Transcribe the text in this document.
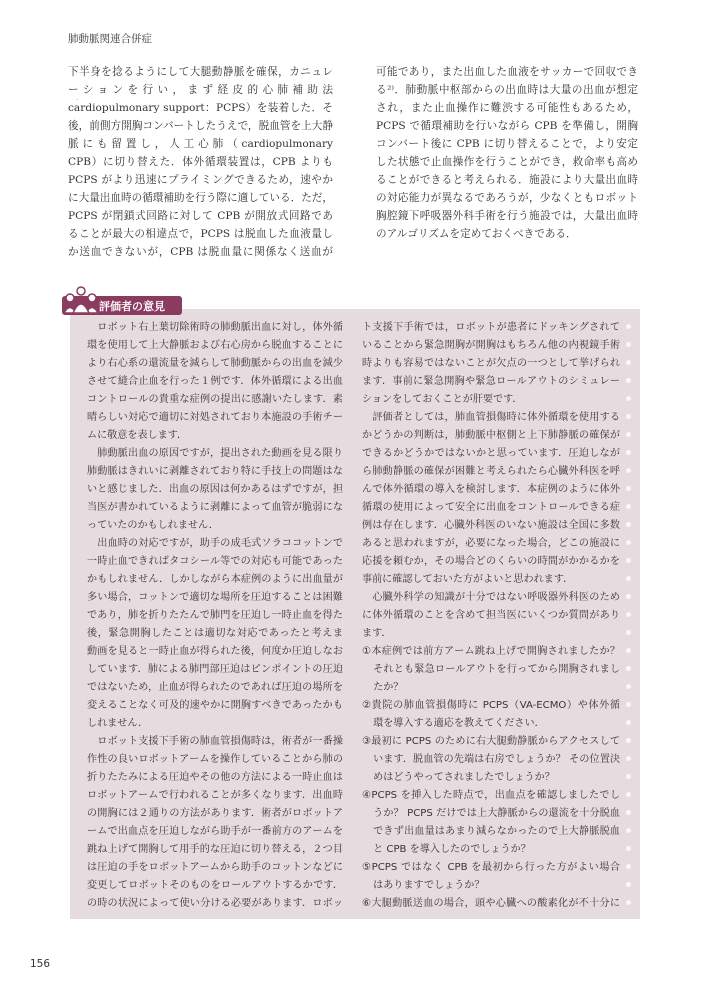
肺動脈関連合併症
下半身を捻るようにして大腿動静脈を確保，カニュレ
ーションを行い，まず経皮的心肺補助法
cardiopulmonary support：PCPS）を装着した．そ
後，前側方開胸コンバートしたうえで，脱血管を上大静
脈にも留置し，人工心肺（cardiopulmonary
CPB）に切り替えた．体外循環装置は，CPB よりも
PCPS がより迅速にプライミングできるため，速やか
に大量出血時の循環補助を行う際に適している．ただ，
PCPS が閉鎖式回路に対して CPB が開放式回路であ
ることが最大の相違点で，PCPS は脱血した血液量し
か送血できないが，CPB は脱血量に関係なく送血が
可能であり，また出血した血液をサッカーで回収でき
る²⁾．肺動脈中枢部からの出血時は大量の出血が想定
され，また止血操作に難渋する可能性もあるため，
PCPS で循環補助を行いながら CPB を準備し，開胸
コンバート後に CPB に切り替えることで，より安定
した状態で止血操作を行うことができ，救命率も高め
ることができると考えられる．施設により大量出血時
の対応能力が異なるであろうが，少なくともロボット
胸腔鏡下呼吸器外科手術を行う施設では，大量出血時
のアルゴリズムを定めておくべきである．
評価者の意見
　ロボット右上葉切除術時の肺動脈出血に対し，体外循
環を使用して上大静脈および右心房から脱血することに
より右心系の還流量を減らして肺動脈からの出血を減少
させて縫合止血を行った１例です．体外循環による出血
コントロールの貴重な症例の提出に感謝いたします．素
晴らしい対応で適切に対処されており本施設の手術チー
ムに敬意を表します．
　肺動脈出血の原因ですが，提出された動画を見る限り
肺動脈はきれいに剥離されており特に手技上の問題はな
いと感じました．出血の原因は何かあるはずですが，担
当医が書かれているように剥離によって血管が脆弱にな
っていたのかもしれません．
　出血時の対応ですが，助手の成毛式ソラココットンで
一時止血できればタコシール等での対応も可能であった
かもしれません．しかしながら本症例のように出血量が
多い場合，コットンで適切な場所を圧迫することは困難
であり，肺を折りたたんで肺門を圧迫し一時止血を得た
後，緊急開胸したことは適切な対応であったと考えま
動画を見ると一時止血が得られた後，何度か圧迫しなお
しています．肺による肺門部圧迫はピンポイントの圧迫
ではないため，止血が得られたのであれば圧迫の場所を
変えることなく可及的速やかに開胸すべきであったかも
しれません．
　ロボット支援下手術の肺血管損傷時は，術者が一番操
作性の良いロボットアームを操作していることから肺の
折りたたみによる圧迫やその他の方法による一時止血は
ロボットアームで行われることが多くなります．出血時
の開胸には２通りの方法があります．術者がロボットア
ームで出血点を圧迫しながら助手が一番前方のアームを
跳ね上げて開胸して用手的な圧迫に切り替える，２つ目
は圧迫の手をロボットアームから助手のコットンなどに
変更してロボットそのものをロールアウトするかです．
の時の状況によって使い分ける必要があります．ロボッ
ト支援下手術では，ロボットが患者にドッキングされて
いることから緊急開胸が開胸はもちろん他の内視鏡手術
時よりも容易ではないことが欠点の一つとして挙げられ
ます．事前に緊急開胸や緊急ロールアウトのシミュレー
ションをしておくことが肝要です．
　評価者としては，肺血管損傷時に体外循環を使用する
かどうかの判断は，肺動脈中枢側と上下肺静脈の確保が
できるかどうかではないかと思っています．圧迫しなが
ら肺動静脈の確保が困難と考えられたら心臓外科医を呼
んで体外循環の導入を検討します．本症例のように体外
循環の使用によって安全に出血をコントロールできる症
例は存在します．心臓外科医のいない施設は全国に多数
あると思われますが，必要になった場合，どこの施設に
応援を頼むか，その場合どのくらいの時間がかかるかを
事前に確認しておいた方がよいと思われます．
　心臓外科学の知識が十分ではない呼吸器外科医のため
に体外循環のことを含めて担当医にいくつか質問があり
ます．
①本症例では前方アーム跳ね上げで開胸されましたか？
それとも緊急ロールアウトを行ってから開胸されまし
たか？
②貴院の肺血管損傷時に PCPS（VA-ECMO）や体外循
環を導入する適応を教えてください．
③最初に PCPS のために右大腿動静脈からアクセスして
います．脱血管の先端は右房でしょうか？ その位置決
めはどうやってされましたでしょうか？
④PCPS を挿入した時点で，出血点を確認しましたでし
うか？ PCPS だけでは上大静脈からの還流を十分脱血
できず出血量はあまり減らなかったので上大静脈脱血
と CPB を導入したのでしょうか？
⑤PCPS ではなく CPB を最初から行った方がよい場合
はありますでしょうか？
⑥大腿動脈送血の場合，頭や心臓への酸素化が不十分に
156
